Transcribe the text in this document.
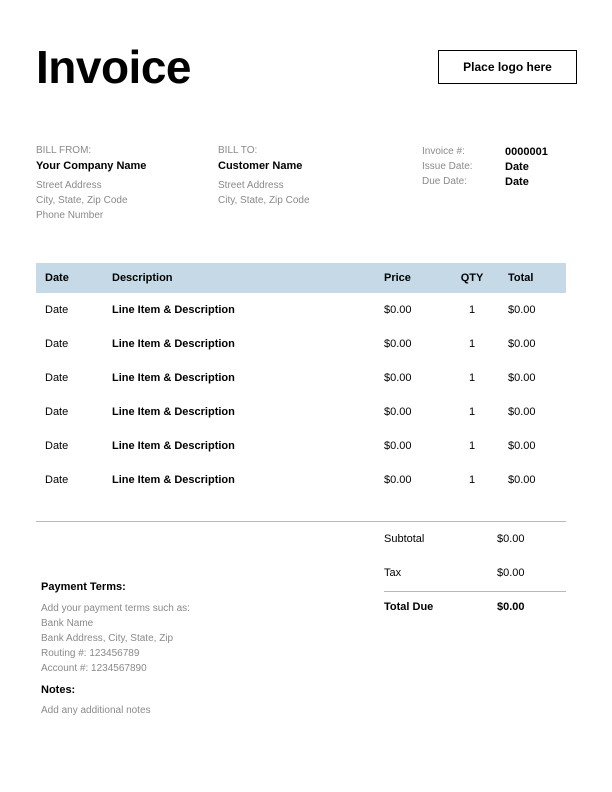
Invoice	Place logo here
BILL FROM:
Your Company Name
Street Address
City, State, Zip Code
Phone Number
BILL TO:
Customer Name
Street Address
City, State, Zip Code
Invoice #:	0000001
Issue Date:	Date
Due Date:	Date
Date	Description	Price	QTY	Total
Date	Line Item & Description	$0.00	1	$0.00
Date	Line Item & Description	$0.00	1	$0.00
Date	Line Item & Description	$0.00	1	$0.00
Date	Line Item & Description	$0.00	1	$0.00
Date	Line Item & Description	$0.00	1	$0.00
Date	Line Item & Description	$0.00	1	$0.00
Subtotal	$0.00
Tax	$0.00
Total Due	$0.00
Payment Terms:
Add your payment terms such as:
Bank Name
Bank Address, City, State, Zip
Routing #: 123456789
Account #: 1234567890
Notes:
Add any additional notes
